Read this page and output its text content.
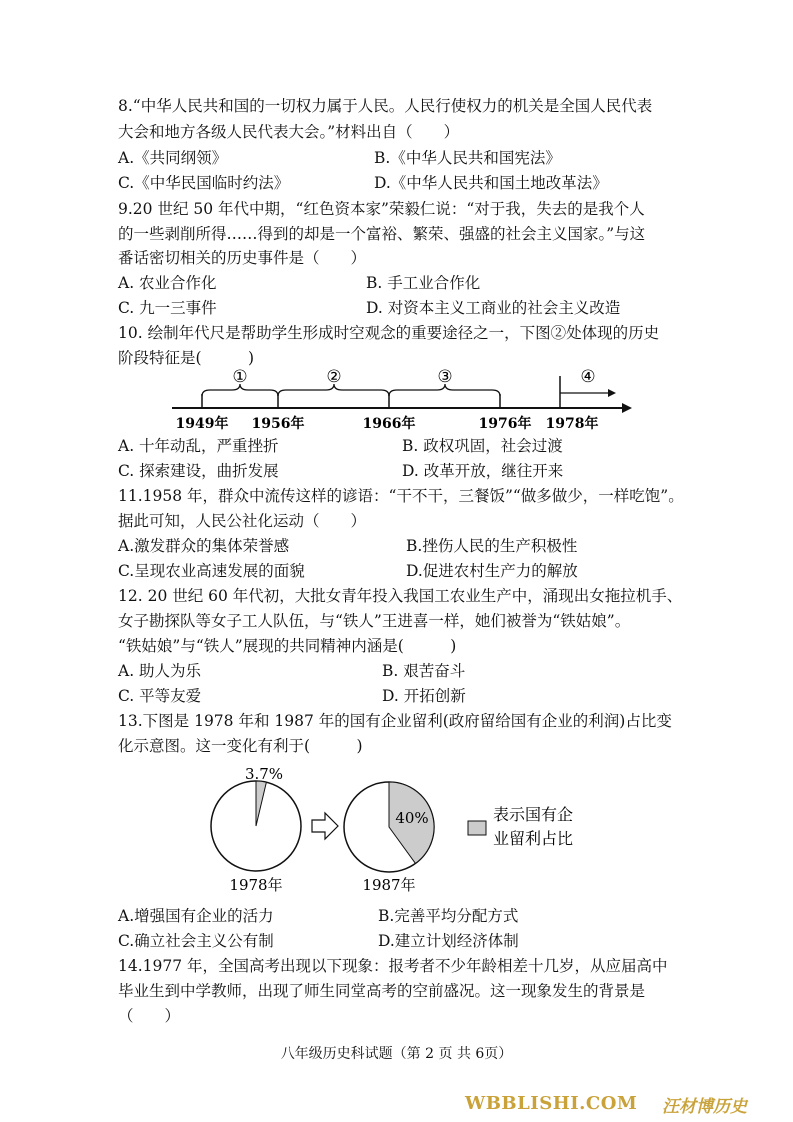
8.“中华人民共和国的一切权力属于人民。人民行使权力的机关是全国人民代表
大会和地方各级人民代表大会。”材料出自（　　）
A.《共同纲领》	B.《中华人民共和国宪法》
C.《中华民国临时约法》	D.《中华人民共和国土地改革法》
9.20 世纪 50 年代中期，“红色资本家”荣毅仁说：“对于我，失去的是我个人
的一些剥削所得……得到的却是一个富裕、繁荣、强盛的社会主义国家。”与这
番话密切相关的历史事件是（　　）
A. 农业合作化	B. 手工业合作化
C. 九一三事件	D. 对资本主义工商业的社会主义改造
10. 绘制年代尺是帮助学生形成时空观念的重要途径之一，下图②处体现的历史
阶段特征是(　　　)
①	②	③	④
1949年 1956年	1966年	1976年 1978年
A. 十年动乱，严重挫折	B. 政权巩固，社会过渡
C. 探索建设，曲折发展	D. 改革开放，继往开来
11.1958 年，群众中流传这样的谚语：“干不干，三餐饭”“做多做少，一样吃饱”。
据此可知，人民公社化运动（　　）
A.激发群众的集体荣誉感	B.挫伤人民的生产积极性
C.呈现农业高速发展的面貌	D.促进农村生产力的解放
12. 20 世纪 60 年代初，大批女青年投入我国工农业生产中，涌现出女拖拉机手、
女子勘探队等女子工人队伍，与“铁人”王进喜一样，她们被誉为“铁姑娘”。
“铁姑娘”与“铁人”展现的共同精神内涵是(　　　)
A. 助人为乐	B. 艰苦奋斗
C. 平等友爱	D. 开拓创新
13.下图是 1978 年和 1987 年的国有企业留利(政府留给国有企业的利润)占比变
化示意图。这一变化有利于(　　　)
3.7%
1978年
40%
1987年
表示国有企
业留利占比
A.增强国有企业的活力	B.完善平均分配方式
C.确立社会主义公有制	D.建立计划经济体制
14.1977 年，全国高考出现以下现象：报考者不少年龄相差十几岁，从应届高中
毕业生到中学教师，出现了师生同堂高考的空前盛况。这一现象发生的背景是
（　　）
八年级历史科试题（第 2 页 共 6页）
WBBLISHI.COM 汪材博历史
